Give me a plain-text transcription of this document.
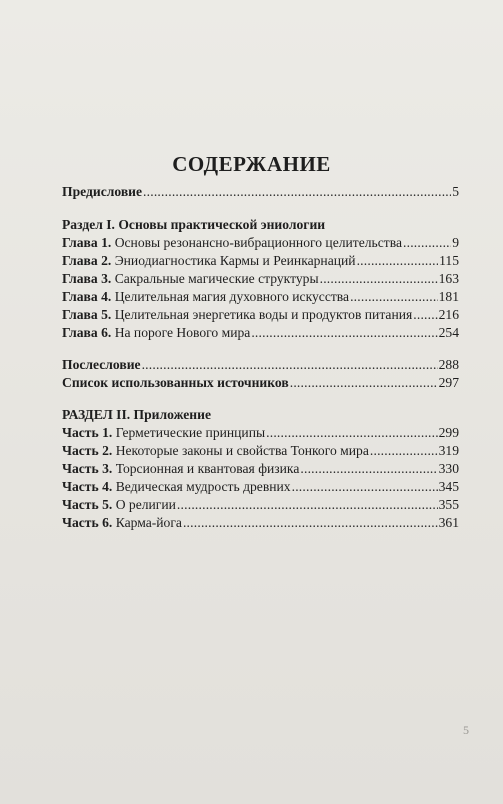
СОДЕРЖАНИЕ
Предисловие .....	5
Раздел I. Основы практической эниологии
Глава 1. Основы резонансно-вибрационного целительства .....	9
Глава 2. Эниодиагностика Кармы и Реинкарнаций .....	115
Глава 3. Сакральные магические структуры .....	163
Глава 4. Целительная магия духовного искусства .....	181
Глава 5. Целительная энергетика воды и продуктов питания ..... 216
Глава 6. На пороге Нового мира .....	254
Послесловие .....	288
Список использованных источников .....	297
РАЗДЕЛ II. Приложение
Часть 1. Герметические принципы .....	299
Часть 2. Некоторые законы и свойства Тонкого мира .....	319
Часть 3. Торсионная и квантовая физика .....	330
Часть 4. Ведическая мудрость древних .....	345
Часть 5. О религии .....	355
Часть 6. Карма-йога .....	361
5
